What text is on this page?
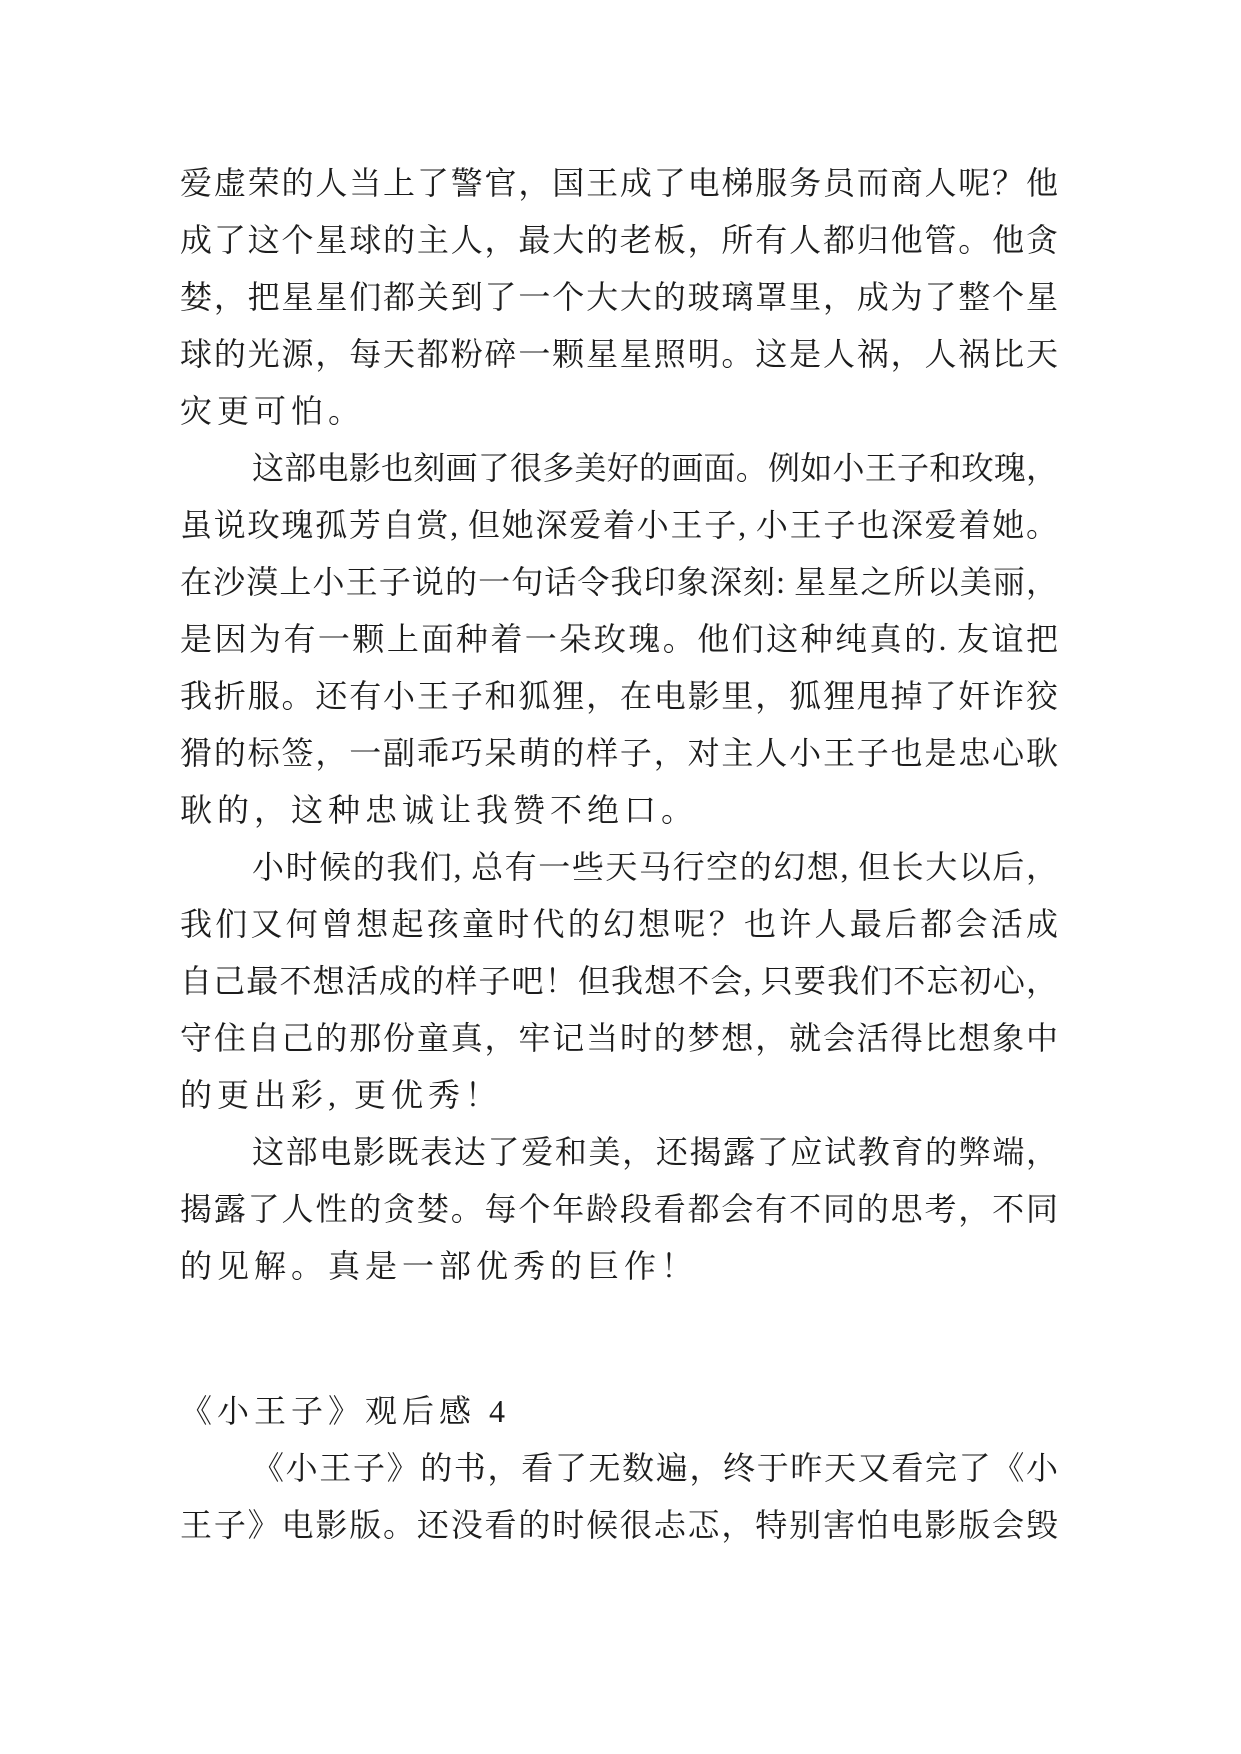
爱虚荣的人当上了警官，国王成了电梯服务员而商人呢？他
成了这个星球的主人，最大的老板，所有人都归他管。他贪
婪，把星星们都关到了一个大大的玻璃罩里，成为了整个星
球的光源，每天都粉碎一颗星星照明。这是人祸，人祸比天
灾更可怕。
这部电影也刻画了很多美好的画面。例如小王子和玫瑰，
虽说玫瑰孤芳自赏, 但她深爱着小王子, 小王子也深爱着她。
在沙漠上小王子说的一句话令我印象深刻: 星星之所以美丽，
是因为有一颗上面种着一朵玫瑰。他们这种纯真的. 友谊把
我折服。还有小王子和狐狸，在电影里，狐狸甩掉了奸诈狡
猾的标签，一副乖巧呆萌的样子，对主人小王子也是忠心耿
耿的，这种忠诚让我赞不绝口。
小时候的我们, 总有一些天马行空的幻想, 但长大以后，
我们又何曾想起孩童时代的幻想呢？也许人最后都会活成
自己最不想活成的样子吧！但我想不会, 只要我们不忘初心，
守住自己的那份童真，牢记当时的梦想，就会活得比想象中
的更出彩, 更优秀！
这部电影既表达了爱和美，还揭露了应试教育的弊端，
揭露了人性的贪婪。每个年龄段看都会有不同的思考，不同
的见解。真是一部优秀的巨作！
《小王子》观后感 4
《小王子》的书，看了无数遍，终于昨天又看完了《小
王子》电影版。还没看的时候很忐忑，特别害怕电影版会毁
